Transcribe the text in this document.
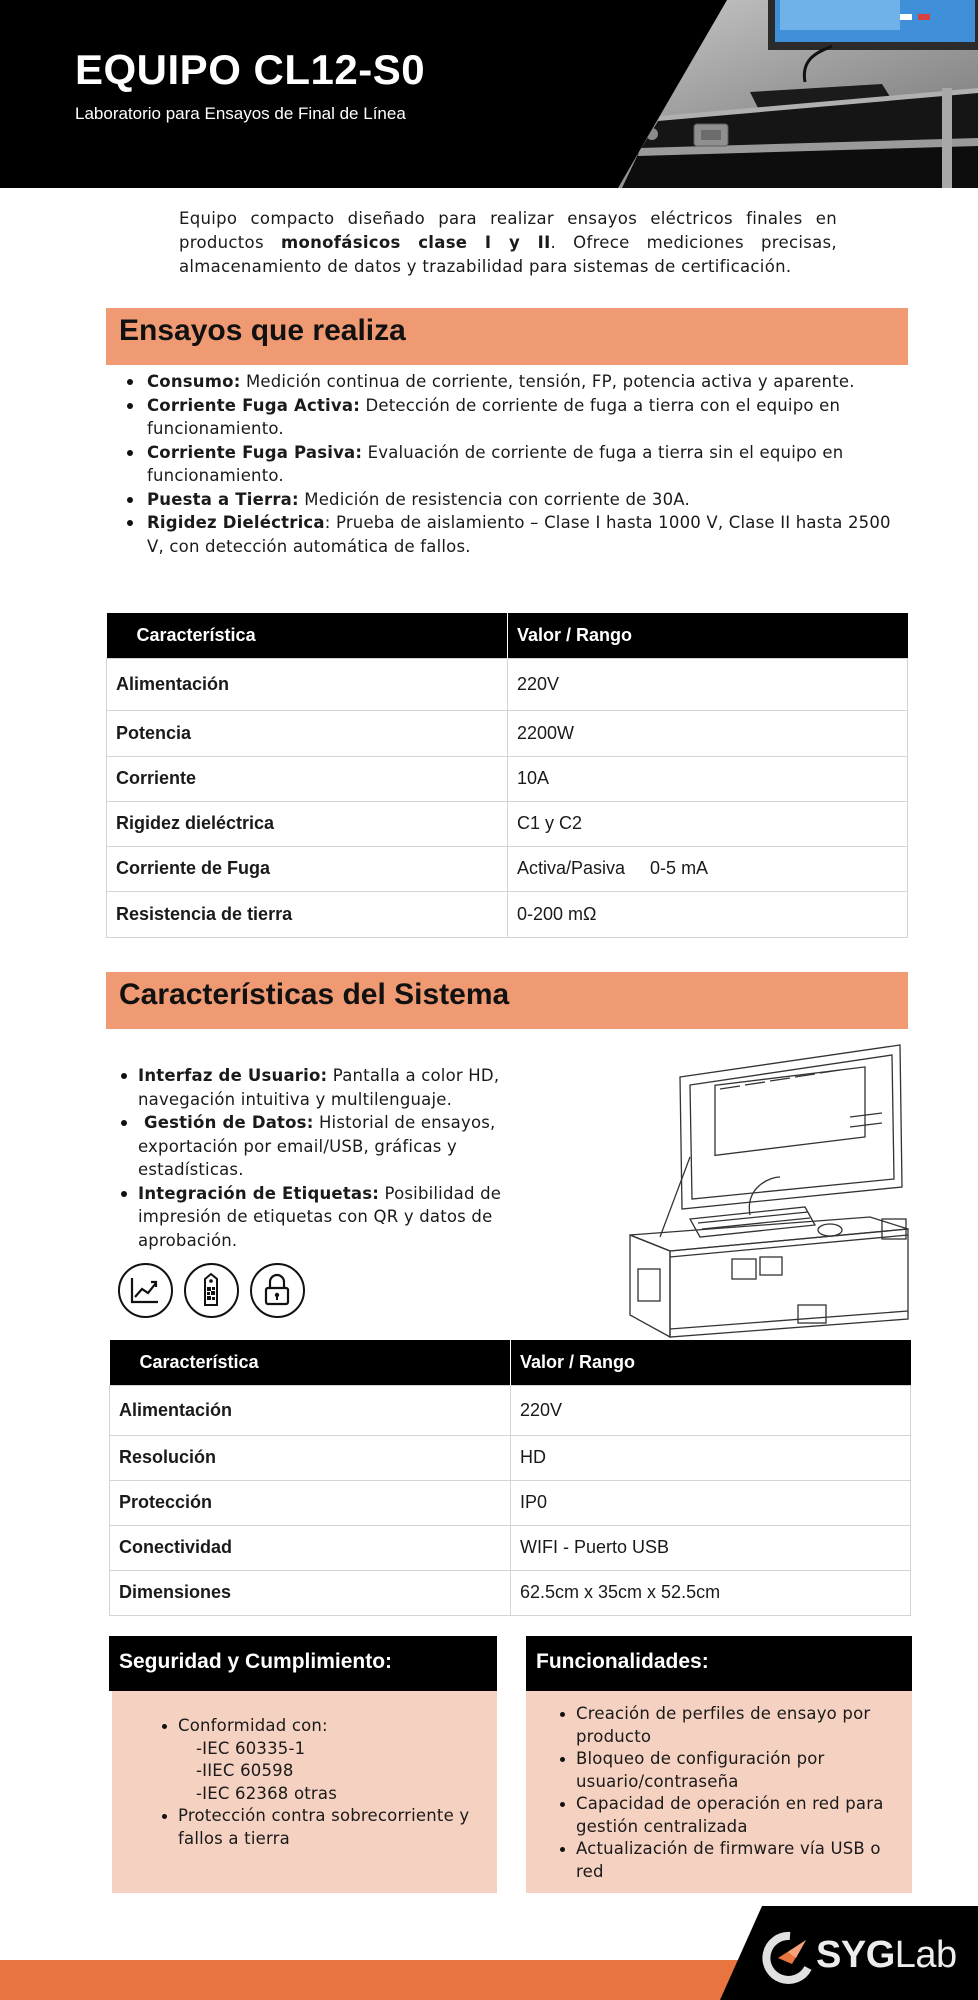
EQUIPO CL12-S0
Laboratorio para Ensayos de Final de Línea

Equipo compacto diseñado para realizar ensayos eléctricos finales en productos monofásicos clase I y II. Ofrece mediciones precisas, almacenamiento de datos y trazabilidad para sistemas de certificación.

Ensayos que realiza
Consumo: Medición continua de corriente, tensión, FP, potencia activa y aparente.
Corriente Fuga Activa: Detección de corriente de fuga a tierra con el equipo en funcionamiento.
Corriente Fuga Pasiva: Evaluación de corriente de fuga a tierra sin el equipo en funcionamiento.
Puesta a Tierra: Medición de resistencia con corriente de 30A.
Rigidez Dieléctrica: Prueba de aislamiento – Clase I hasta 1000 V, Clase II hasta 2500 V, con detección automática de fallos.
Característica	Valor / Rango
Alimentación	220V
Potencia	2200W
Corriente	10A
Rigidez dieléctrica	C1 y C2
Corriente de Fuga	Activa/Pasiva     0-5 mA
Resistencia de tierra	0-200 mΩ
Características del Sistema
Interfaz de Usuario: Pantalla a color HD, navegación intuitiva y multilenguaje.
Gestión de Datos: Historial de ensayos, exportación por email/USB, gráficas y estadísticas.
Integración de Etiquetas: Posibilidad de impresión de etiquetas con QR y datos de aprobación.
Característica	Valor / Rango
Alimentación	220V
Resolución	HD
Protección	IP0
Conectividad	WIFI - Puerto USB
Dimensiones	62.5cm x 35cm x 52.5cm
Seguridad y Cumplimiento:
Conformidad con:
-IEC 60335-1
-IIEC 60598
-IEC 62368 otras
Protección contra sobrecorriente y fallos a tierra
Funcionalidades:
Creación de perfiles de ensayo por producto
Bloqueo de configuración por usuario/contraseña
Capacidad de operación en red para gestión centralizada
Actualización de firmware vía USB o red
SYGLab
